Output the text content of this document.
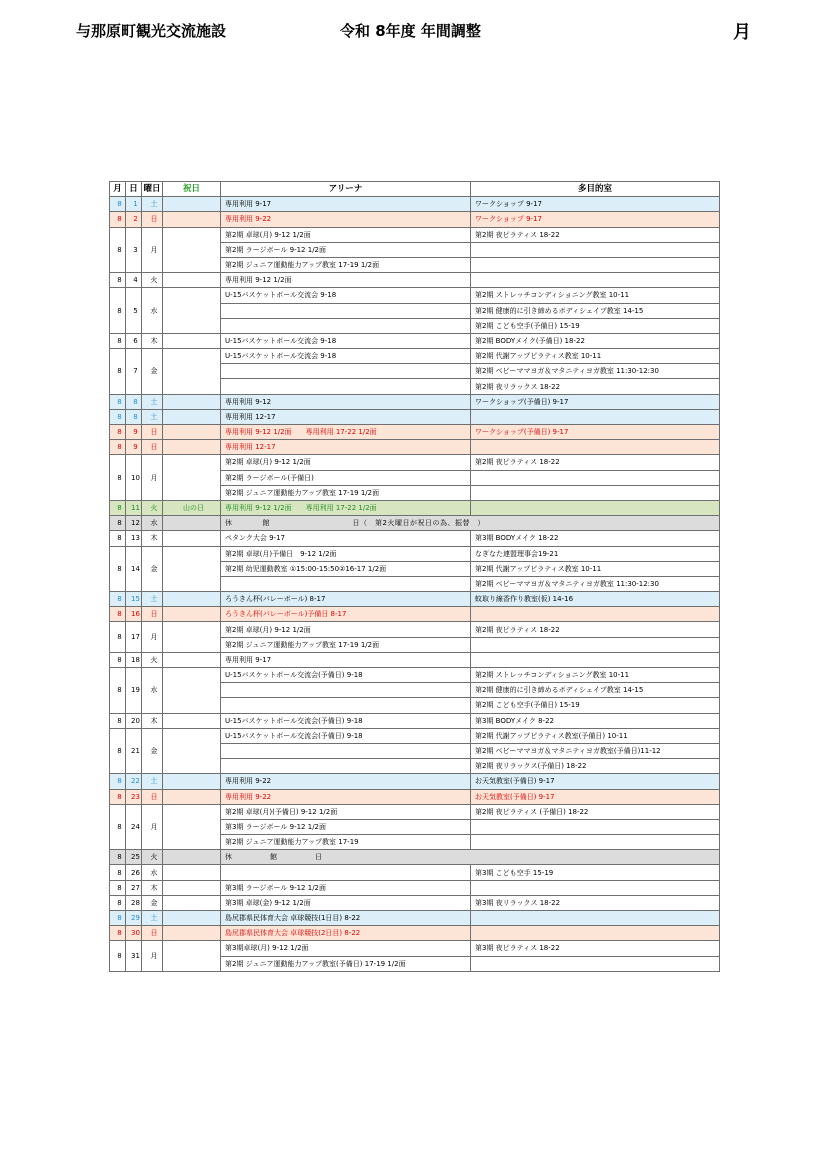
与那原町観光交流施設	令和 8年度 年間調整	月
月	日	曜日	祝日	アリーナ	多目的室
8	1	土		専用利用 9-17	ワークショップ 9-17
8	2	日		専用利用 9-22	ワークショップ 9-17
8	3	月		第2期 卓球(月) 9-12 1/2面	第2期 夜ピラティス 18-22
				第2期 ラージボール 9-12 1/2面	
				第2期 ジュニア運動能力アップ教室 17-19 1/2面	
8	4	火		専用利用 9-12 1/2面	
8	5	水		U-15バスケットボール交流会 9-18	第2期 ストレッチコンディショニング教室 10-11
					第2期 健康的に引き締めるボディシェイプ教室 14-15
					第2期 こども空手(予備日) 15-19
8	6	木		U-15バスケットボール交流会 9-18	第2期 BODYメイク(予備日) 18-22
8	7	金		U-15バスケットボール交流会 9-18	第2期 代謝アップピラティス教室 10-11
					第2期 ベビーママヨガ＆マタニティヨガ教室 11:30-12:30
					第2期 夜リラックス 18-22
8	8	土		専用利用 9-12	ワークショップ(予備日) 9-17
8	8	土		専用利用 12-17	
8	9	日		専用利用 9-12 1/2面　　専用利用 17-22 1/2面	ワークショップ(予備日) 9-17
8	9	日		専用利用 12-17	
8	10	月		第2期 卓球(月) 9-12 1/2面	第2期 夜ピラティス 18-22
				第2期 ラージボール(予備日)	
				第2期 ジュニア運動能力アップ教室 17-19 1/2面	
8	11	火	山の日	専用利用 9-12 1/2面　　専用利用 17-22 1/2面	
8	12	水		休　　　　館　　　　　　　　　　　日（　第2火曜日が祝日の為、振替　）	
8	13	木		ペタンク大会 9-17	第3期 BODYメイク 18-22
8	14	金		第2期 卓球(月)予備日　9-12 1/2面	なぎなた連盟理事会19-21
				第2期 幼児運動教室 ①15:00-15:50②16-17 1/2面	第2期 代謝アップピラティス教室 10-11
					第2期 ベビーママヨガ＆マタニティヨガ教室 11:30-12:30
8	15	土		ろうきん杯(バレーボール) 8-17	蚊取り線香作り教室(仮) 14-16
8	16	日		ろうきん杯(バレーボール)予備日 8-17	
8	17	月		第2期 卓球(月) 9-12 1/2面	第2期 夜ピラティス 18-22
				第2期 ジュニア運動能力アップ教室 17-19 1/2面	
8	18	火		専用利用 9-17	
8	19	水		U-15バスケットボール交流会(予備日) 9-18	第2期 ストレッチコンディショニング教室 10-11
					第2期 健康的に引き締めるボディシェイプ教室 14-15
					第2期 こども空手(予備日) 15-19
8	20	木		U-15バスケットボール交流会(予備日) 9-18	第3期 BODYメイク 8-22
8	21	金		U-15バスケットボール交流会(予備日) 9-18	第2期 代謝アップピラティス教室(予備日) 10-11
					第2期 ベビーママヨガ＆マタニティヨガ教室(予備日)11-12
					第2期 夜リラックス(予備日) 18-22
8	22	土		専用利用 9-22	お天気教室(予備日) 9-17
8	23	日		専用利用 9-22	お天気教室(予備日) 9-17
8	24	月		第2期 卓球(月)(予備日) 9-12 1/2面	第2期 夜ピラティス (予備日) 18-22
				第3期 ラージボール 9-12 1/2面	
				第2期 ジュニア運動能力アップ教室 17-19	
8	25	火		休　　　　　館　　　　　日	
8	26	水			第3期 こども空手 15-19
8	27	木		第3期 ラージボール 9-12 1/2面	
8	28	金		第3期 卓球(金) 9-12 1/2面	第3期 夜リラックス 18-22
8	29	土		島尻郡県民体育大会 卓球競技(1日目) 8-22	
8	30	日		島尻郡県民体育大会 卓球競技(2日目) 8-22	
8	31	月		第3期卓球(月) 9-12 1/2面	第3期 夜ピラティス 18-22
				第2期 ジュニア運動能力アップ教室(予備日) 17-19 1/2面	
